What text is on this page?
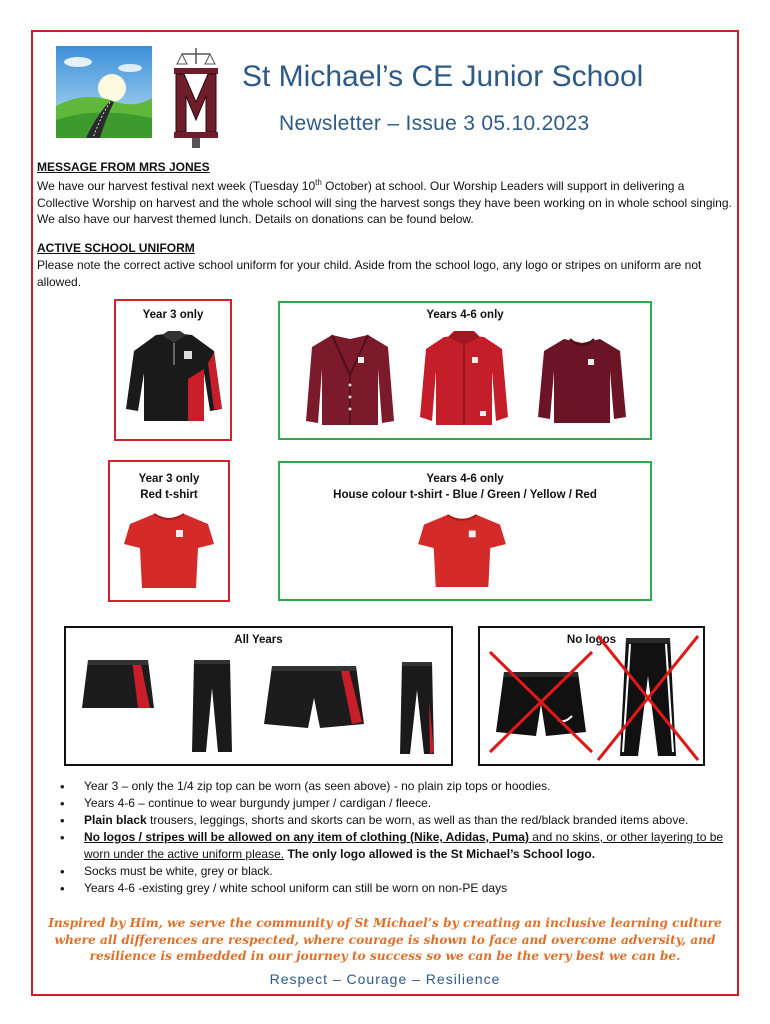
St Michael’s CE Junior School
Newsletter – Issue 3 05.10.2023
MESSAGE FROM MRS JONES
We have our harvest festival next week (Tuesday 10th October) at school. Our Worship Leaders will support in delivering a Collective Worship on harvest and the whole school will sing the harvest songs they have been working on in whole school singing. We also have our harvest themed lunch. Details on donations can be found below.
ACTIVE SCHOOL UNIFORM
Please note the correct active school uniform for your child. Aside from the school logo, any logo or stripes on uniform are not allowed.
Year 3 only	Years 4-6 only
Year 3 only
Red t-shirt
Years 4-6 only
House colour t-shirt - Blue / Green / Yellow / Red
All Years	No logos
• Year 3 – only the 1/4 zip top can be worn (as seen above) - no plain zip tops or hoodies.
• Years 4-6 – continue to wear burgundy jumper / cardigan / fleece.
• Plain black trousers, leggings, shorts and skorts can be worn, as well as than the red/black branded items above.
• No logos / stripes will be allowed on any item of clothing (Nike, Adidas, Puma) and no skins, or other layering to be worn under the active uniform please. The only logo allowed is the St Michael’s School logo.
• Socks must be white, grey or black.
• Years 4-6 -existing grey / white school uniform can still be worn on non-PE days
Inspired by Him, we serve the community of St Michael’s by creating an inclusive learning culture where all differences are respected, where courage is shown to face and overcome adversity, and resilience is embedded in our journey to success so we can be the very best we can be.
Respect – Courage – Resilience
